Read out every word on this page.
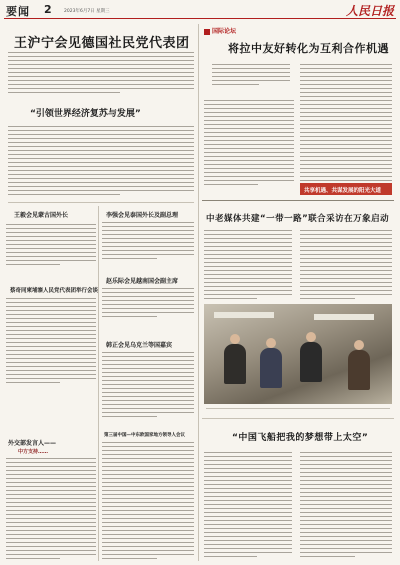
要闻 2	2023年6月7日 星期三	人民日报
王沪宁会见德国社民党代表团
“引领世界经济复苏与发展”
王毅会见蒙古国外长
蔡奇同柬埔寨人民党代表团举行会谈
外交部发言人——
中方支持……
李强会见泰国外长及副总理
赵乐际会见越南国会副主席
韩正会见乌克兰等国嘉宾
第三届中国—中东欧国家地方领导人会议
国际论坛
将拉中友好转化为互利合作机遇
共享机遇、共谋发展的阳光大道
中老媒体共建“一带一路”联合采访在万象启动
“中国飞船把我的梦想带上太空”
